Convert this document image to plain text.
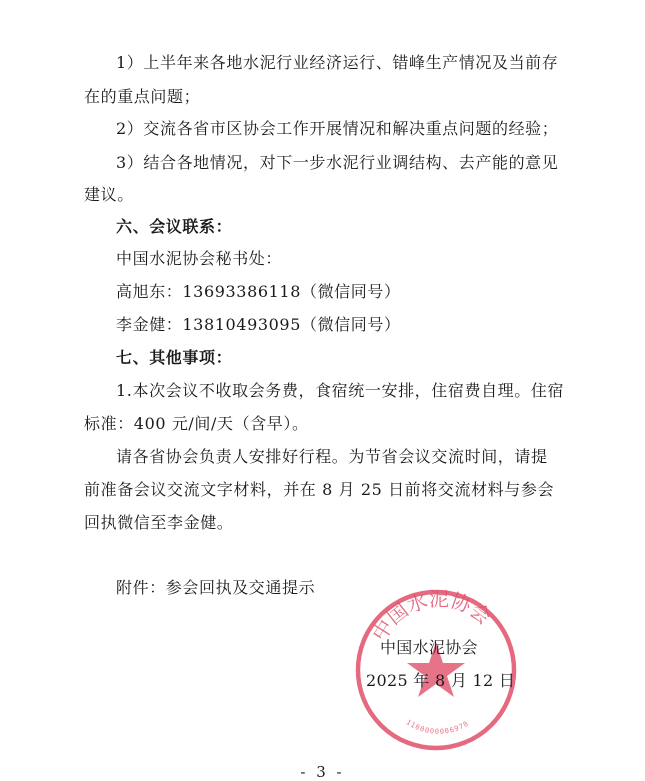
1）上半年来各地水泥行业经济运行、错峰生产情况及当前存
在的重点问题；
2）交流各省市区协会工作开展情况和解决重点问题的经验；
3）结合各地情况，对下一步水泥行业调结构、去产能的意见
建议。
六、会议联系：
中国水泥协会秘书处：
高旭东：13693386118（微信同号）
李金健：13810493095（微信同号）
七、其他事项：
1.本次会议不收取会务费，食宿统一安排，住宿费自理。住宿
标准：400 元/间/天（含早）。
请各省协会负责人安排好行程。为节省会议交流时间，请提
前准备会议交流文字材料，并在 8 月 25 日前将交流材料与参会
回执微信至李金健。
附件：参会回执及交通提示
中国水泥协会
1100000006978
中国水泥协会
2025 年 8 月 12 日
- 3 -
